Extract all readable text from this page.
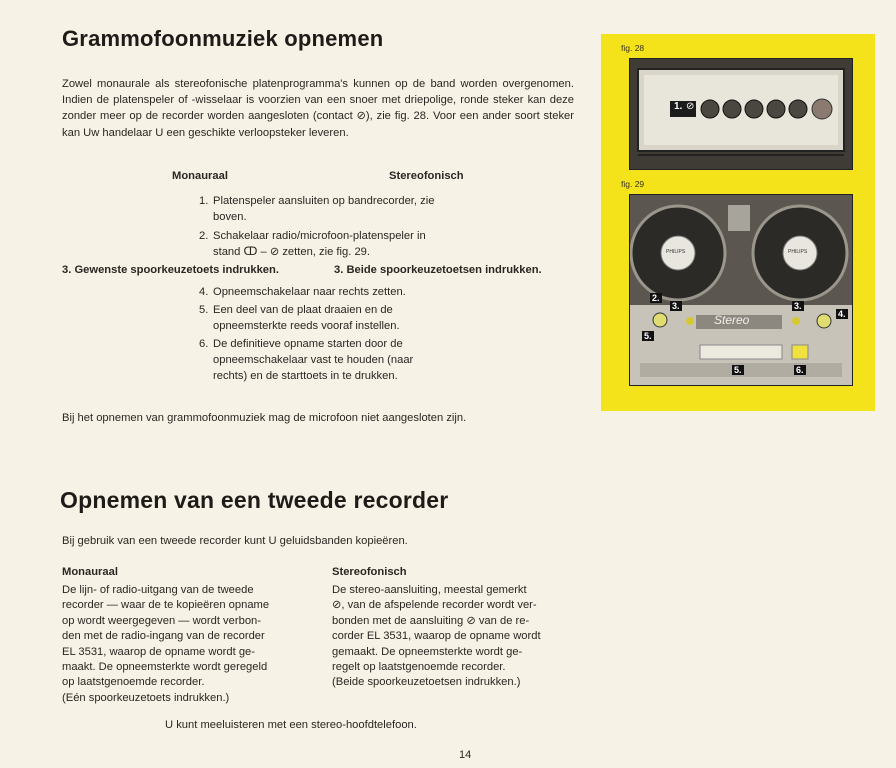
Grammofoonmuziek opnemen

Zowel monaurale als stereofonische platenprogramma's kunnen op de band worden overgenomen. Indien de platenspeler of -wisselaar is voorzien van een snoer met driepolige, ronde steker kan deze zonder meer op de recorder worden aangesloten (contact ⊘), zie fig. 28. Voor een ander soort steker kan Uw handelaar U een geschikte verloopsteker leveren.

Monauraal	Stereofonisch
1. Platenspeler aansluiten op bandrecorder, zie boven.
2. Schakelaar radio/microfoon-platenspeler in stand ↀ – ⊘ zetten, zie fig. 29.
3. Gewenste spoorkeuzetoets indrukken.	3. Beide spoorkeuzetoetsen indrukken.
4. Opneemschakelaar naar rechts zetten.
5. Een deel van de plaat draaien en de opneemsterkte reeds vooraf instellen.
6. De definitieve opname starten door de opneemschakelaar vast te houden (naar rechts) en de starttoets in te drukken.

Bij het opnemen van grammofoonmuziek mag de microfoon niet aangesloten zijn.

fig. 28
1. ⊘
fig. 29
Stereo
PHILIPS	PHILIPS
2.
3.	3.
4.
5.
5.	6.
Opnemen van een tweede recorder

Bij gebruik van een tweede recorder kunt U geluidsbanden kopieëren.

Monauraal

De lijn- of radio-uitgang van de tweede
recorder — waar de te kopieëren opname
op wordt weergegeven — wordt verbon-
den met de radio-ingang van de recorder
EL 3531, waarop de opname wordt ge-
maakt. De opneemsterkte wordt geregeld
op laatstgenoemde recorder.
(Eén spoorkeuzetoets indrukken.)

Stereofonisch

De stereo-aansluiting, meestal gemerkt
⊘, van de afspelende recorder wordt ver-
bonden met de aansluiting ⊘ van de re-
corder EL 3531, waarop de opname wordt
gemaakt. De opneemsterkte wordt ge-
regelt op laatstgenoemde recorder.
(Beide spoorkeuzetoetsen indrukken.)

U kunt meeluisteren met een stereo-hoofdtelefoon.

14
